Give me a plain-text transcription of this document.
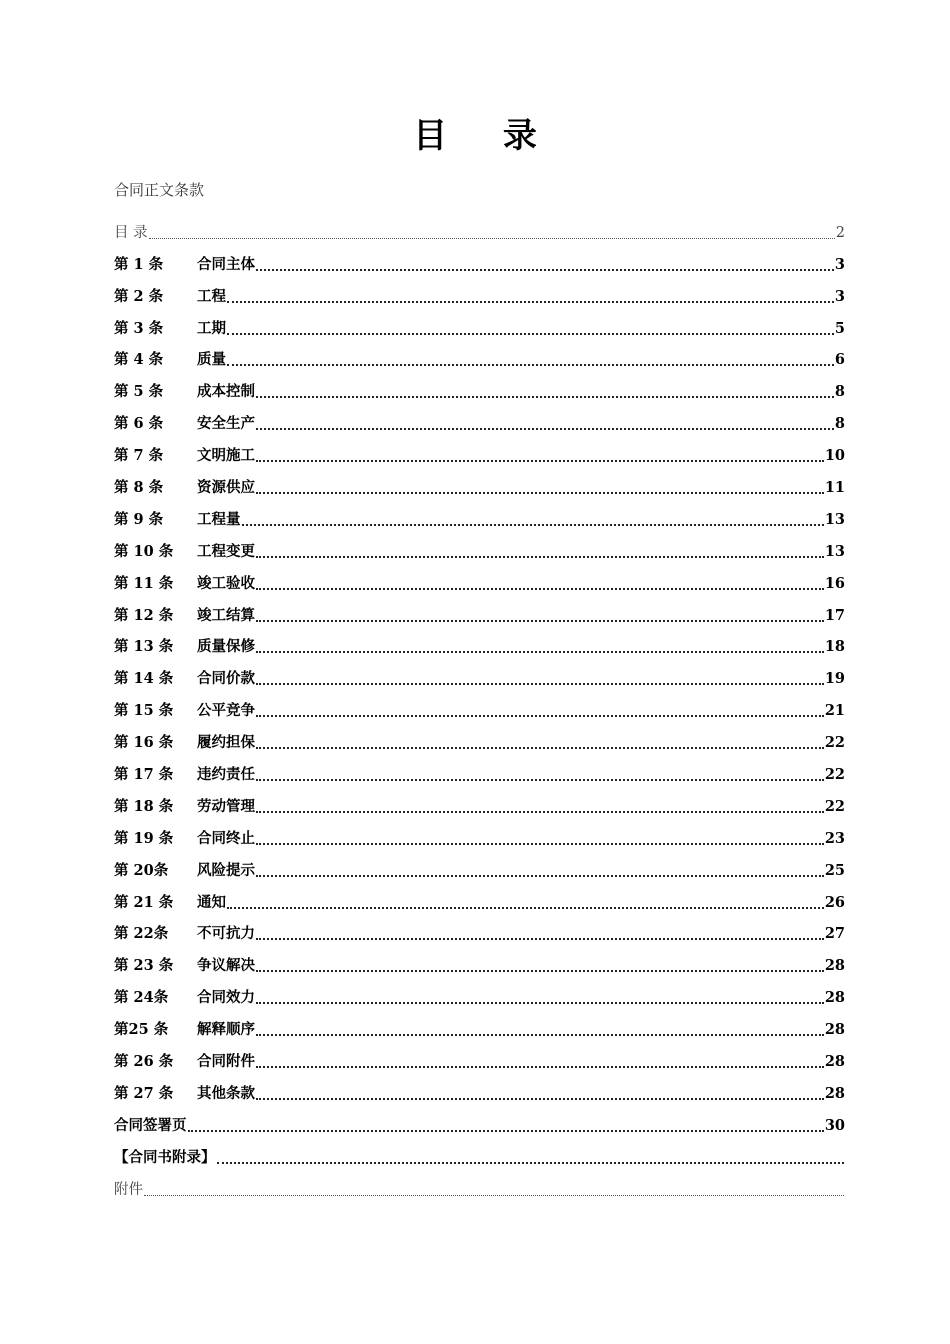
目 录
合同正文条款
目 录	2
第 1 条	合同主体	3
第 2 条	工程	3
第 3 条	工期	5
第 4 条	质量	6
第 5 条	成本控制	8
第 6 条	安全生产	8
第 7 条	文明施工	10
第 8 条	资源供应	11
第 9 条	工程量	13
第 10 条	工程变更	13
第 11 条	竣工验收	16
第 12 条	竣工结算	17
第 13 条	质量保修	18
第 14 条	合同价款	19
第 15 条	公平竞争	21
第 16 条	履约担保	22
第 17 条	违约责任	22
第 18 条	劳动管理	22
第 19 条	合同终止	23
第 20条	风险提示	25
第 21 条	通知	26
第 22条	不可抗力	27
第 23 条	争议解决	28
第 24条	合同效力	28
第25 条	解释顺序	28
第 26 条	合同附件	28
第 27 条	其他条款	28
合同签署页	30
【合同书附录】
附件
